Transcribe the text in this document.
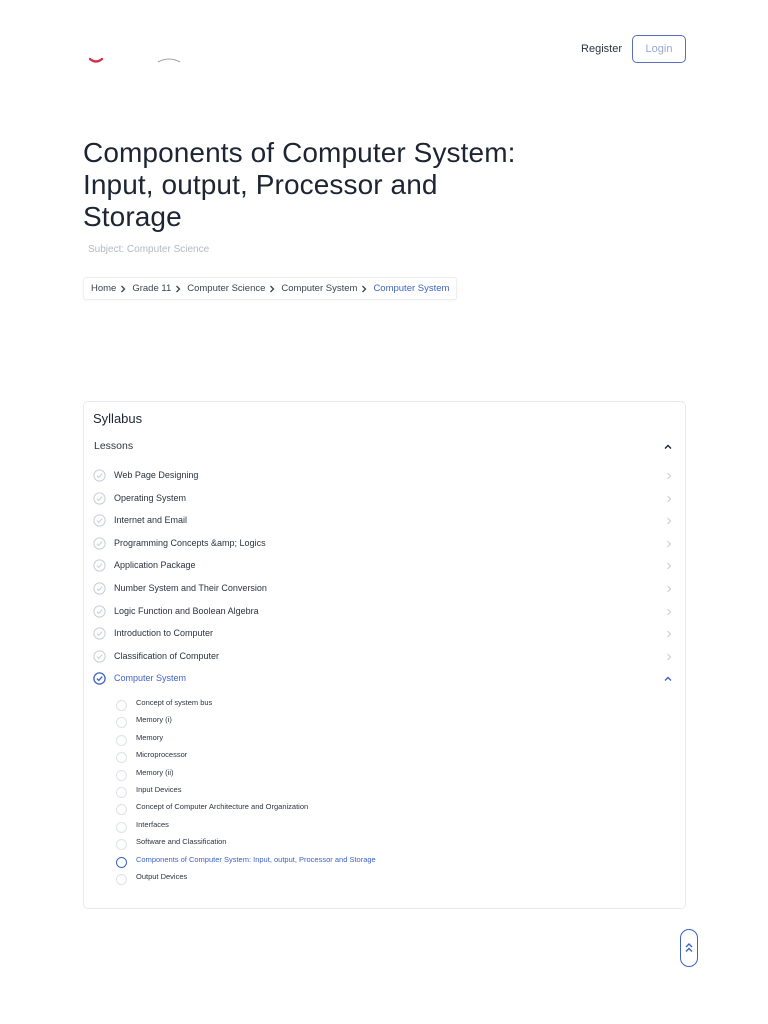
Register	Login
Components of Computer System: Input, output, Processor and Storage
Subject: Computer Science
Home Grade 11 Computer Science Computer System Computer System
Syllabus
Lessons
Web Page Designing
Operating System
Internet and Email
Programming Concepts &amp; Logics
Application Package
Number System and Their Conversion
Logic Function and Boolean Algebra
Introduction to Computer
Classification of Computer
Computer System
Concept of system bus
Memory (i)
Memory
Microprocessor
Memory (ii)
Input Devices
Concept of Computer Architecture and Organization
Interfaces
Software and Classification
Components of Computer System: Input, output, Processor and Storage
Output Devices
